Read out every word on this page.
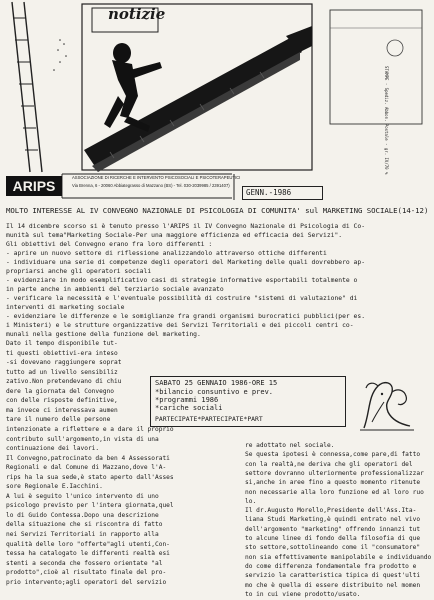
notizie
ARIPS
ASSOCIAZIONE DI RICERCHE E INTERVENTO PSICOSOCIALI E PSICOTERAPEUTICI
Via Brenna, 6 - 20060 Abbiategrasso di Mazzano (BS) - Tel. 030-2039985 / 2391407)
STAMPE - Spediz. Abbon. Postale - gr. IV/70 %
GENN.-1986
MOLTO INTERESSE AL IV CONVEGNO NAZIONALE DI PSICOLOGIA DI COMUNITA' sul MARKETING SOCIALE(14-12)
Il 14 dicembre scorso si è tenuto presso l'ARIPS il IV Convegno Nazionale di Psicologia di Co-
munità sul tema"Marketing Sociale-Per una maggiore efficienza ed efficacia dei Servizi".
Gli obiettivi del Convegno erano fra loro differenti :
- aprire un nuovo settore di riflessione analizzandolo attraverso ottiche differenti
- individuare una serie di competenze degli operatori del Marketing delle quali dovrebbero ap-
propriarsi anche gli operatori sociali
- evidenziare in modo esemplificativo casi di strategie informative esportabili totalmente o
in parte anche in ambienti del terziario sociale avanzato
- verificare la necessità e l'eventuale possibilità di costruire "sistemi di valutazione" di
interventi di marketing sociale
- evidenziare le differenze e le somiglianze fra grandi organismi burocratici pubblici(per es.
i Ministeri) e le strutture organizzative dei Servizi Territoriali e dei piccoli centri co-
munali nella gestione della funzione del marketing.
SABATO 25 GENNAIO 1986-ORE 15
*bilancio consuntivo e prev.
*programmi 1986
*cariche sociali
PARTECIPATE*PARTECIPATE*PART
Dato il tempo disponibile tut-
ti questi obiettivi-era inteso
-si dovevano raggiungere soprat
tutto ad un livello sensibiliz
zativo.Non pretendevano di chiu
dere la giornata del Convegno
con delle risposte definitive,
ma invece ci interessava aumen
tare il numero delle persone
intenzionate a riflettere e a dare il proprio
contributo sull'argomento,in vista di una
continuazione dei lavori.
Il Convegno,patrocinato da ben 4 Assessorati
Regionali e dal Comune di Mazzano,dove l'A-
rips ha la sua sede,è stato aperto dall'Asses
sore Regionale E.Iacchini.
A lui è seguito l'unico intervento di uno
psicologo previsto per l'intera giornata,quel
lo di Guido Contessa.Dopo una descrizione
della situazione che si riscontra di fatto
nei Servizi Territoriali in rapporto alla
qualità delle loro "offerte"agli utenti,Con-
tessa ha catalogato le differenti realtà esi
stenti a seconda che fossero orientate "al
prodotto",cioè al risultato finale del pro-
prio intervento;agli operatori del servizio
re adottato nel sociale.
Se questa ipotesi è connessa,come pare,di fatto
con la realtà,ne deriva che gli operatori del
settore dovranno ulteriormente professionalizzar
si,anche in aree fino a questo momento ritenute
non necessarie alla loro funzione ed al loro ruo
lo.
Il dr.Augusto Morello,Presidente dell'Ass.Ita-
liana Studi Marketing,è quindi entrato nel vivo
dell'argomento "marketing" offrendo innanzi tut
to alcune linee di fondo della filosofia di que
sto settore,sottolineando come il "consumatore"
non sia effettivamente manipolabile e individuando
do come differenza fondamentale fra prodotto e
servizio la caratteristica tipica di quest'ulti
mo che è quella di essere distribuito nel momen
to in cui viene prodotto/usato.
